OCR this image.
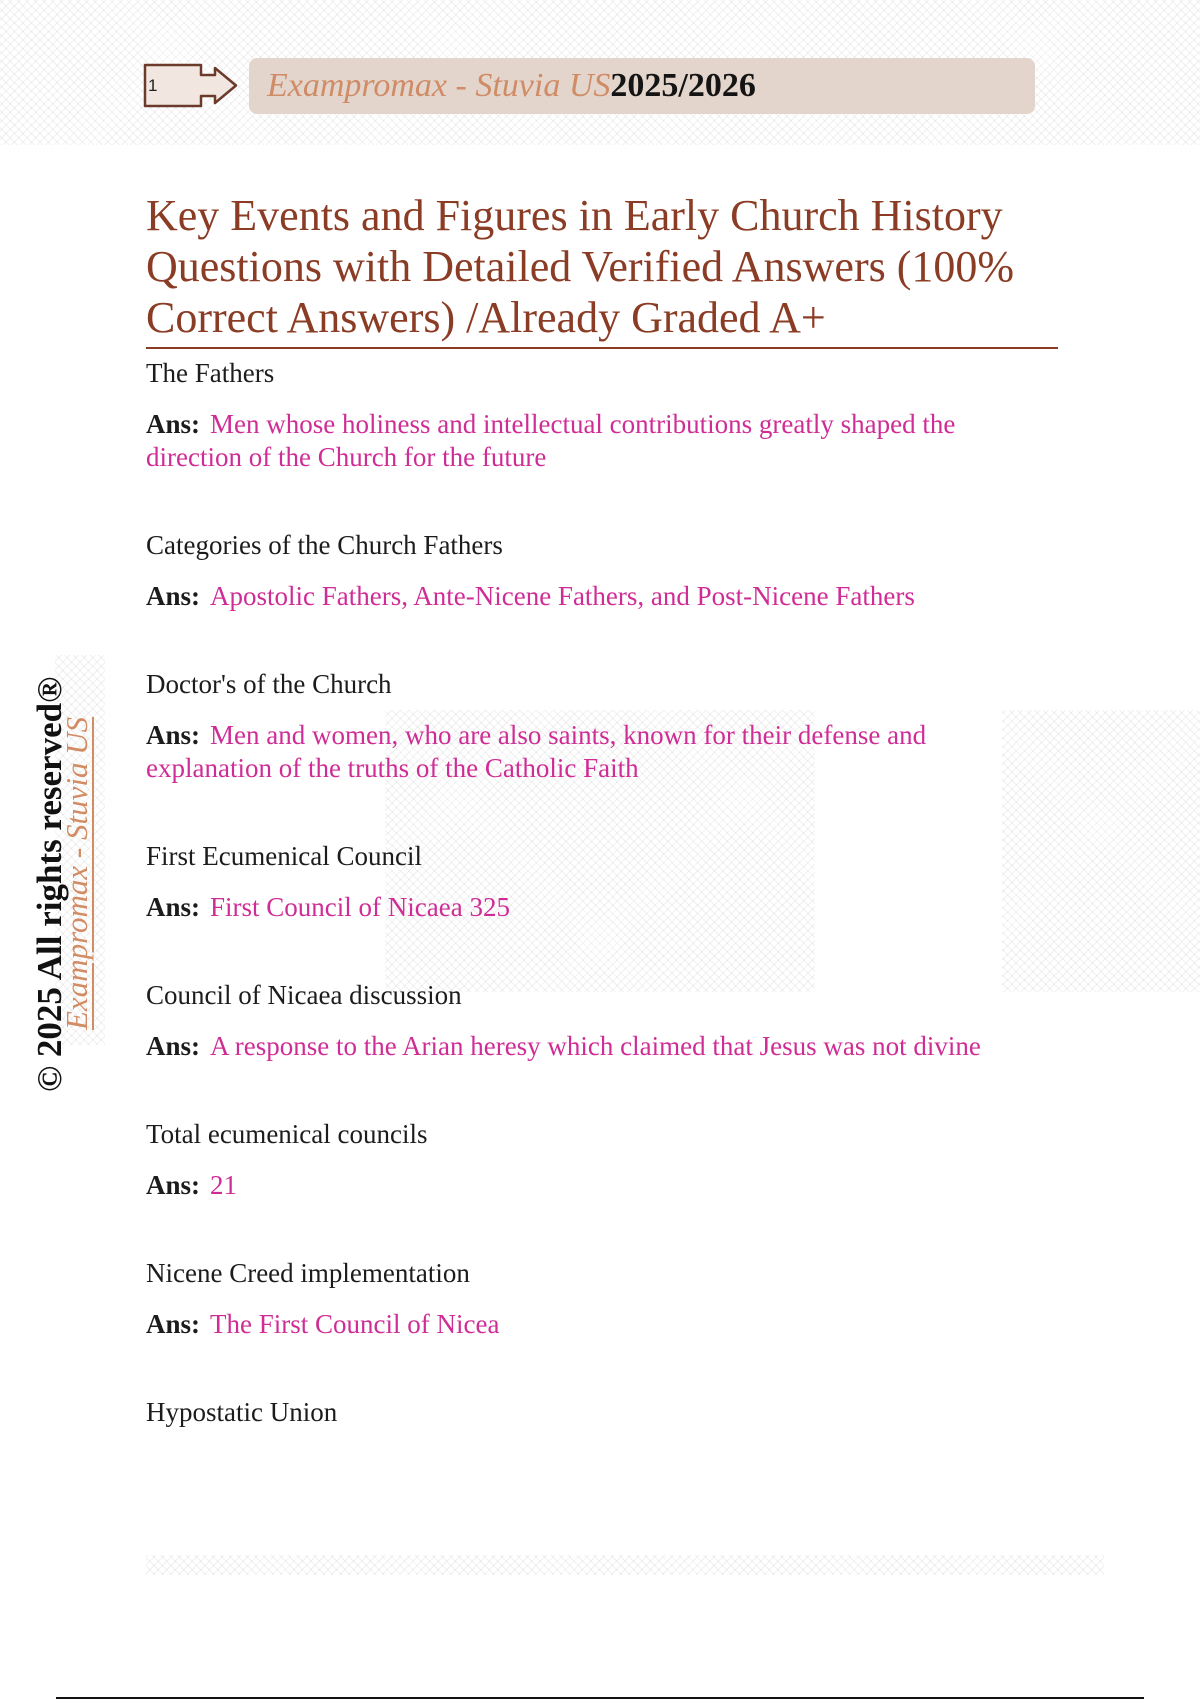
1	Exampromax - Stuvia US 2025/2026
© 2025 All rights reserved®
Exampromax - Stuvia US
Key Events and Figures in Early Church History Questions with Detailed Verified Answers (100% Correct Answers) /Already Graded A+
The Fathers
Ans: Men whose holiness and intellectual contributions greatly shaped the direction of the Church for the future
Categories of the Church Fathers
Ans: Apostolic Fathers, Ante-Nicene Fathers, and Post-Nicene Fathers
Doctor's of the Church
Ans: Men and women, who are also saints, known for their defense and explanation of the truths of the Catholic Faith
First Ecumenical Council
Ans: First Council of Nicaea 325
Council of Nicaea discussion
Ans: A response to the Arian heresy which claimed that Jesus was not divine
Total ecumenical councils
Ans: 21
Nicene Creed implementation
Ans: The First Council of Nicea
Hypostatic Union
